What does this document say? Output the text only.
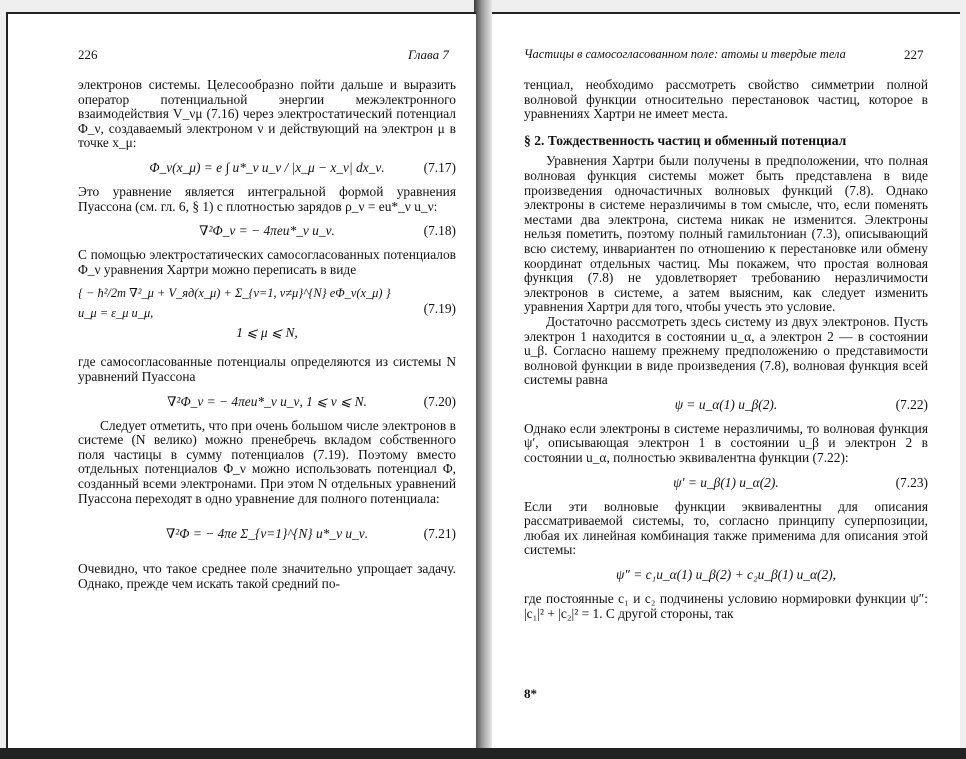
226	Глава 7

электронов системы. Целесообразно пойти дальше и выразить оператор потенциальной энергии межэлектронного взаимодействия V_νμ (7.16) через электростатический потенциал Φ_ν, создаваемый электроном ν и действующий на электрон μ в точке x_μ:

Φ_ν(x_μ) = e ∫ u*_ν u_ν / |x_μ − x_ν| dx_ν.	(7.17)

Это уравнение является интегральной формой уравнения Пуассона (см. гл. 6, § 1) с плотностью зарядов ρ_ν = eu*_ν u_ν:

∇²Φ_ν = − 4πeu*_ν u_ν.	(7.18)

С помощью электростатических самосогласованных потенциалов Φ_ν уравнения Хартри можно переписать в виде

{ − ħ²/2m ∇²_μ + V_яд(x_μ) + Σ_{ν=1, ν≠μ}^{N} eΦ_ν(x_μ) } u_μ = ε_μ u_μ,
1 ⩽ μ ⩽ N,
(7.19)

где самосогласованные потенциалы определяются из системы N уравнений Пуассона

∇²Φ_ν = − 4πeu*_ν u_ν, 1 ⩽ ν ⩽ N.	(7.20)

Следует отметить, что при очень большом числе электронов в системе (N велико) можно пренебречь вкладом собственного поля частицы в сумму потенциалов (7.19). Поэтому вместо отдельных потенциалов Φ_ν можно использовать потенциал Φ, созданный всеми электронами. При этом N отдельных уравнений Пуассона переходят в одно уравнение для полного потенциала:

∇²Φ = − 4πe Σ_{ν=1}^{N} u*_ν u_ν.	(7.21)

Очевидно, что такое среднее поле значительно упрощает задачу. Однако, прежде чем искать такой средний по-

Частицы в самосогласованном поле: атомы и твердые тела	227

тенциал, необходимо рассмотреть свойство симметрии полной волновой функции относительно перестановок частиц, которое в уравнениях Хартри не имеет места.

§ 2. Тождественность частиц и обменный потенциал

Уравнения Хартри были получены в предположении, что полная волновая функция системы может быть представлена в виде произведения одночастичных волновых функций (7.8). Однако электроны в системе неразличимы в том смысле, что, если поменять местами два электрона, система никак не изменится. Электроны нельзя пометить, поэтому полный гамильтониан (7.3), описывающий всю систему, инвариантен по отношению к перестановке или обмену координат отдельных частиц. Мы покажем, что простая волновая функция (7.8) не удовлетворяет требованию неразличимости электронов в системе, а затем выясним, как следует изменить уравнения Хартри для того, чтобы учесть это условие.

Достаточно рассмотреть здесь систему из двух электронов. Пусть электрон 1 находится в состоянии u_α, а электрон 2 — в состоянии u_β. Согласно нашему прежнему предположению о представимости волновой функции в виде произведения (7.8), волновая функция всей системы равна

ψ = u_α(1) u_β(2).	(7.22)

Однако если электроны в системе неразличимы, то волновая функция ψ′, описывающая электрон 1 в состоянии u_β и электрон 2 в состоянии u_α, полностью эквивалентна функции (7.22):

ψ′ = u_β(1) u_α(2).	(7.23)

Если эти волновые функции эквивалентны для описания рассматриваемой системы, то, согласно принципу суперпозиции, любая их линейная комбинация также применима для описания этой системы:

ψ″ = c₁u_α(1) u_β(2) + c₂u_β(1) u_α(2),

где постоянные c₁ и c₂ подчинены условию нормировки функции ψ″: |c₁|² + |c₂|² = 1. С другой стороны, так

8*
